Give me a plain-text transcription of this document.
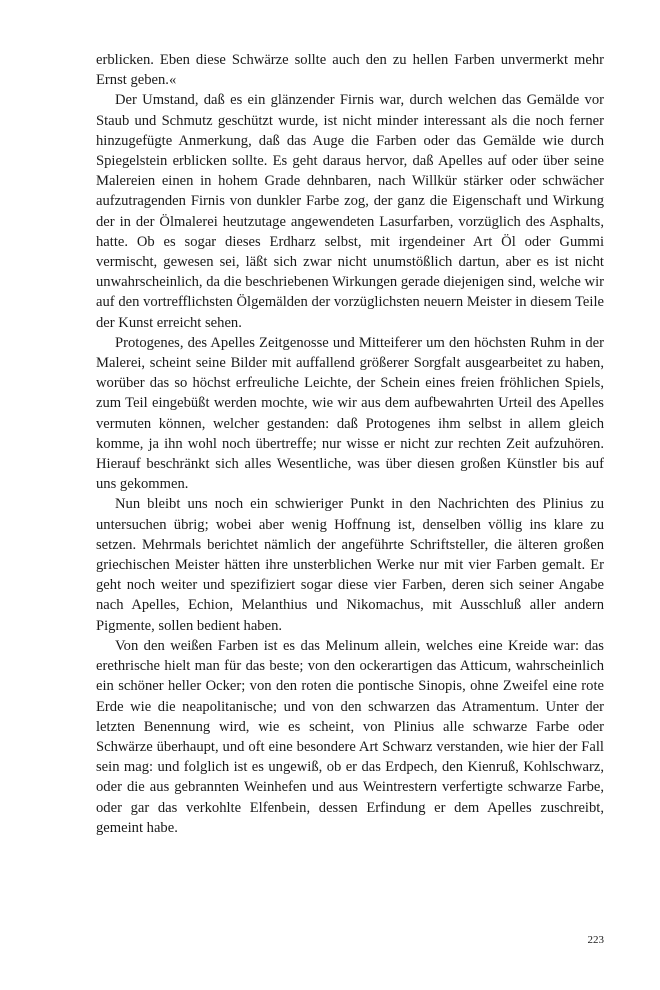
erblicken. Eben diese Schwärze sollte auch den zu hellen Farben unvermerkt mehr Ernst geben.«

Der Umstand, daß es ein glänzender Firnis war, durch welchen das Gemälde vor Staub und Schmutz geschützt wurde, ist nicht minder interessant als die noch ferner hinzugefügte Anmerkung, daß das Auge die Farben oder das Gemälde wie durch Spiegelstein erblicken sollte. Es geht daraus hervor, daß Apelles auf oder über seine Malereien einen in hohem Grade dehnbaren, nach Willkür stärker oder schwächer aufzutragenden Firnis von dunkler Farbe zog, der ganz die Eigenschaft und Wirkung der in der Ölmalerei heutzutage angewendeten Lasurfarben, vorzüglich des Asphalts, hatte. Ob es sogar dieses Erdharz selbst, mit irgendeiner Art Öl oder Gummi vermischt, gewesen sei, läßt sich zwar nicht unumstößlich dartun, aber es ist nicht unwahrscheinlich, da die beschriebenen Wirkungen gerade diejenigen sind, welche wir auf den vortrefflichsten Ölgemälden der vorzüglichsten neuern Meister in diesem Teile der Kunst erreicht sehen.

Protogenes, des Apelles Zeitgenosse und Mitteiferer um den höchsten Ruhm in der Malerei, scheint seine Bilder mit auffallend größerer Sorgfalt ausgearbeitet zu haben, worüber das so höchst erfreuliche Leichte, der Schein eines freien fröhlichen Spiels, zum Teil eingebüßt werden mochte, wie wir aus dem aufbewahrten Urteil des Apelles vermuten können, welcher gestanden: daß Protogenes ihm selbst in allem gleich komme, ja ihn wohl noch übertreffe; nur wisse er nicht zur rechten Zeit aufzuhören. Hierauf beschränkt sich alles Wesentliche, was über diesen großen Künstler bis auf uns gekommen.

Nun bleibt uns noch ein schwieriger Punkt in den Nachrichten des Plinius zu untersuchen übrig; wobei aber wenig Hoffnung ist, denselben völlig ins klare zu setzen. Mehrmals berichtet nämlich der angeführte Schriftsteller, die älteren großen griechischen Meister hätten ihre unsterblichen Werke nur mit vier Farben gemalt. Er geht noch weiter und spezifiziert sogar diese vier Farben, deren sich seiner Angabe nach Apelles, Echion, Melanthius und Nikomachus, mit Ausschluß aller andern Pigmente, sollen bedient haben.

Von den weißen Farben ist es das Melinum allein, welches eine Kreide war: das erethrische hielt man für das beste; von den ockerartigen das Atticum, wahrscheinlich ein schöner heller Ocker; von den roten die pontische Sinopis, ohne Zweifel eine rote Erde wie die neapolitanische; und von den schwarzen das Atramentum. Unter der letzten Benennung wird, wie es scheint, von Plinius alle schwarze Farbe oder Schwärze überhaupt, und oft eine besondere Art Schwarz verstanden, wie hier der Fall sein mag: und folglich ist es ungewiß, ob er das Erdpech, den Kienruß, Kohlschwarz, oder die aus gebrannten Weinhefen und aus Weintrestern verfertigte schwarze Farbe, oder gar das verkohlte Elfenbein, dessen Erfindung er dem Apelles zuschreibt, gemeint habe.

223
